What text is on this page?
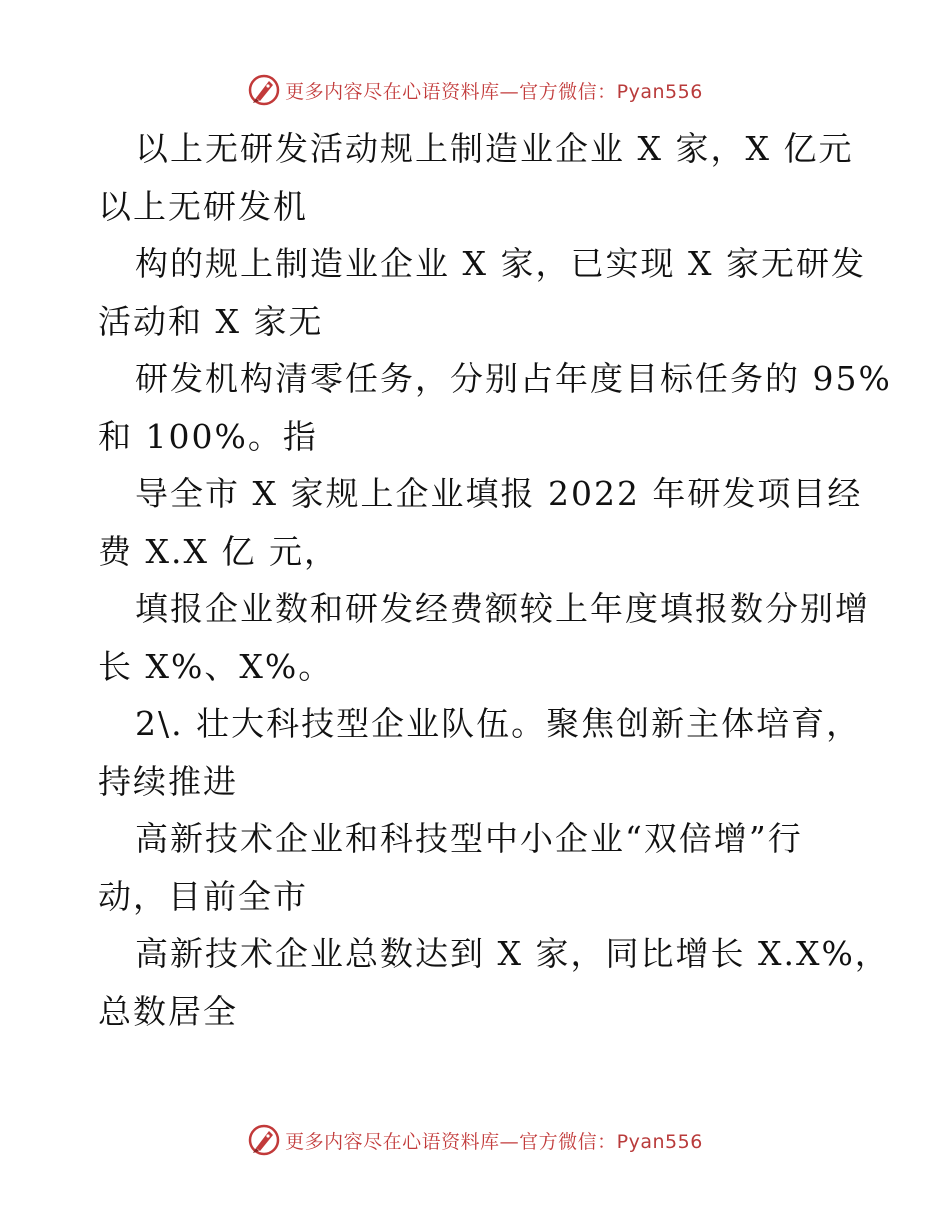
更多内容尽在心语资料库—官方微信：Pyan556
以上无研发活动规上制造业企业 X 家，X 亿元
以上无研发机
构的规上制造业企业 X 家，已实现 X 家无研发
活动和 X 家无
研发机构清零任务，分别占年度目标任务的 95%
和 100%。指
导全市 X 家规上企业填报 2022 年研发项目经
费 X.X 亿 元，
填报企业数和研发经费额较上年度填报数分别增
长 X%、X%。
2\. 壮大科技型企业队伍。聚焦创新主体培育，
持续推进
高新技术企业和科技型中小企业“双倍增”行
动，目前全市
高新技术企业总数达到 X 家，同比增长 X.X%，
总数居全
更多内容尽在心语资料库—官方微信：Pyan556
